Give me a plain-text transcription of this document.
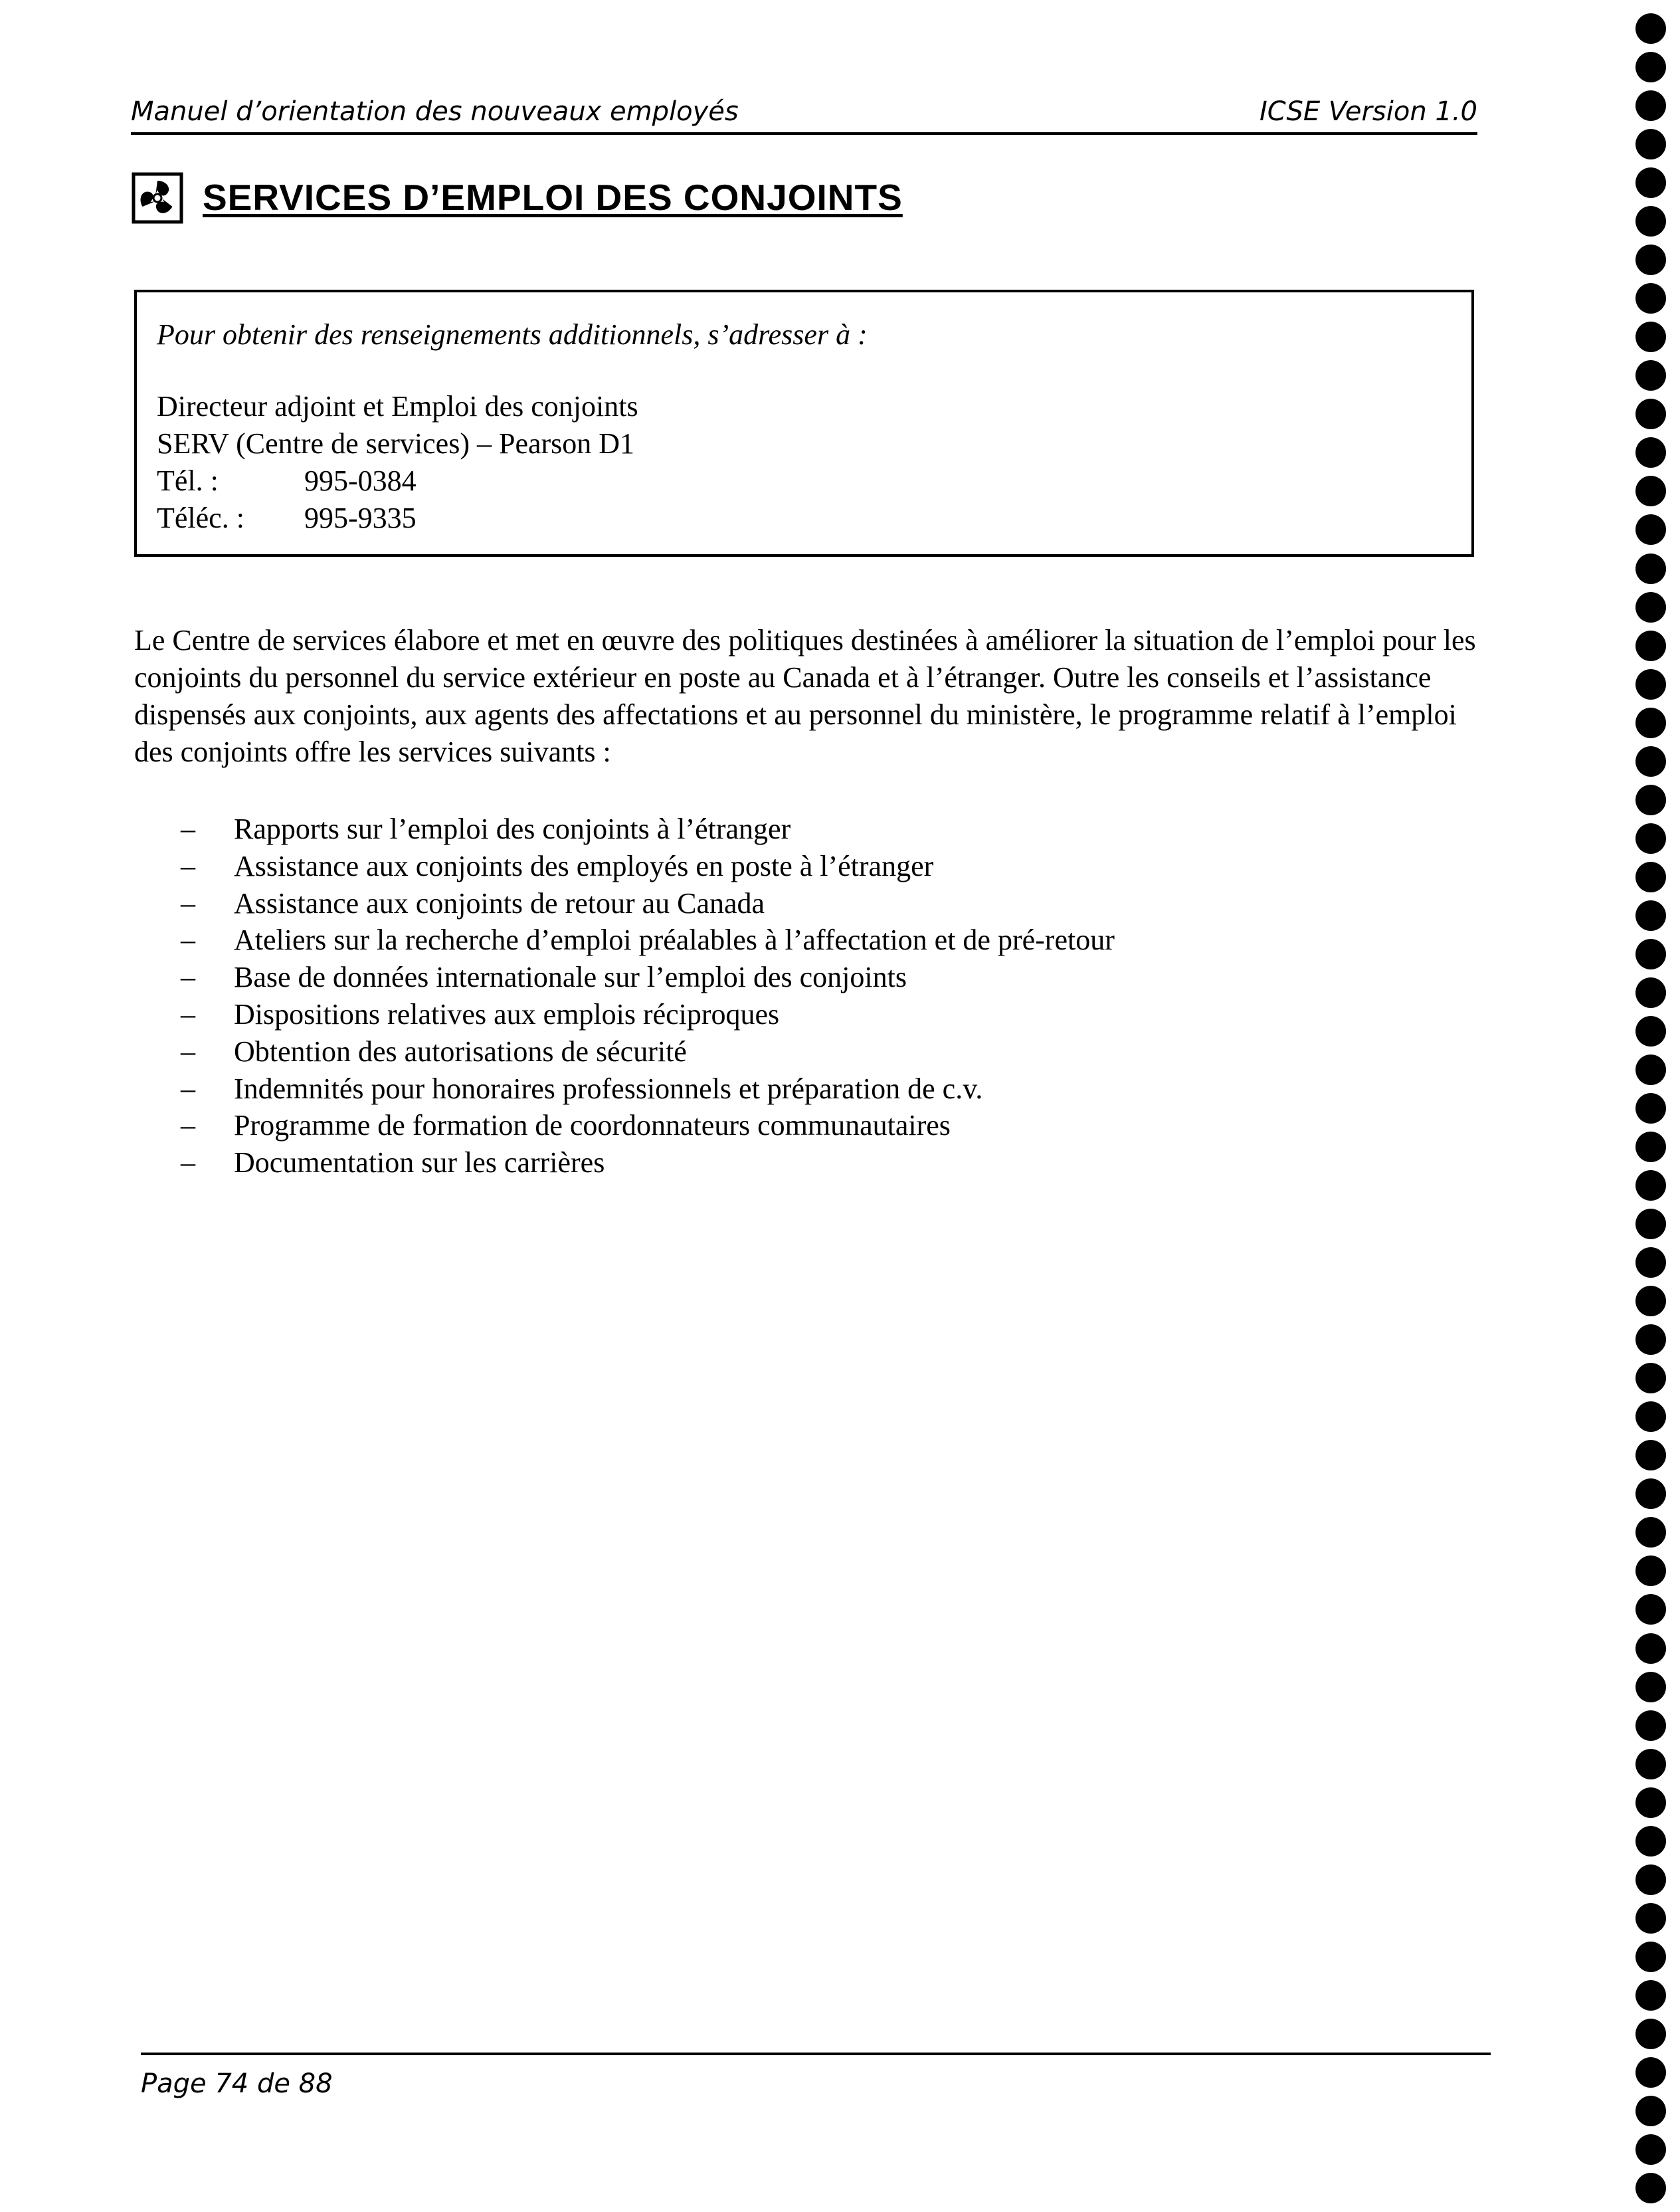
Manuel d’orientation des nouveaux employés	ICSE Version 1.0
SERVICES D’EMPLOI DES CONJOINTS
Pour obtenir des renseignements additionnels, s’adresser à :
Directeur adjoint et Emploi des conjoints
SERV (Centre de services) – Pearson D1
Tél. :	995-0384
Téléc. : 995-9335

Le Centre de services élabore et met en œuvre des politiques destinées à améliorer la situation de l’emploi pour les conjoints du personnel du service extérieur en poste au Canada et à l’étranger. Outre les conseils et l’assistance dispensés aux conjoints, aux agents des affectations et au personnel du ministère, le programme relatif à l’emploi des conjoints offre les services suivants :

– Rapports sur l’emploi des conjoints à l’étranger
– Assistance aux conjoints des employés en poste à l’étranger
– Assistance aux conjoints de retour au Canada
– Ateliers sur la recherche d’emploi préalables à l’affectation et de pré-retour
– Base de données internationale sur l’emploi des conjoints
– Dispositions relatives aux emplois réciproques
– Obtention des autorisations de sécurité
– Indemnités pour honoraires professionnels et préparation de c.v.
– Programme de formation de coordonnateurs communautaires
– Documentation sur les carrières
Page 74 de 88
